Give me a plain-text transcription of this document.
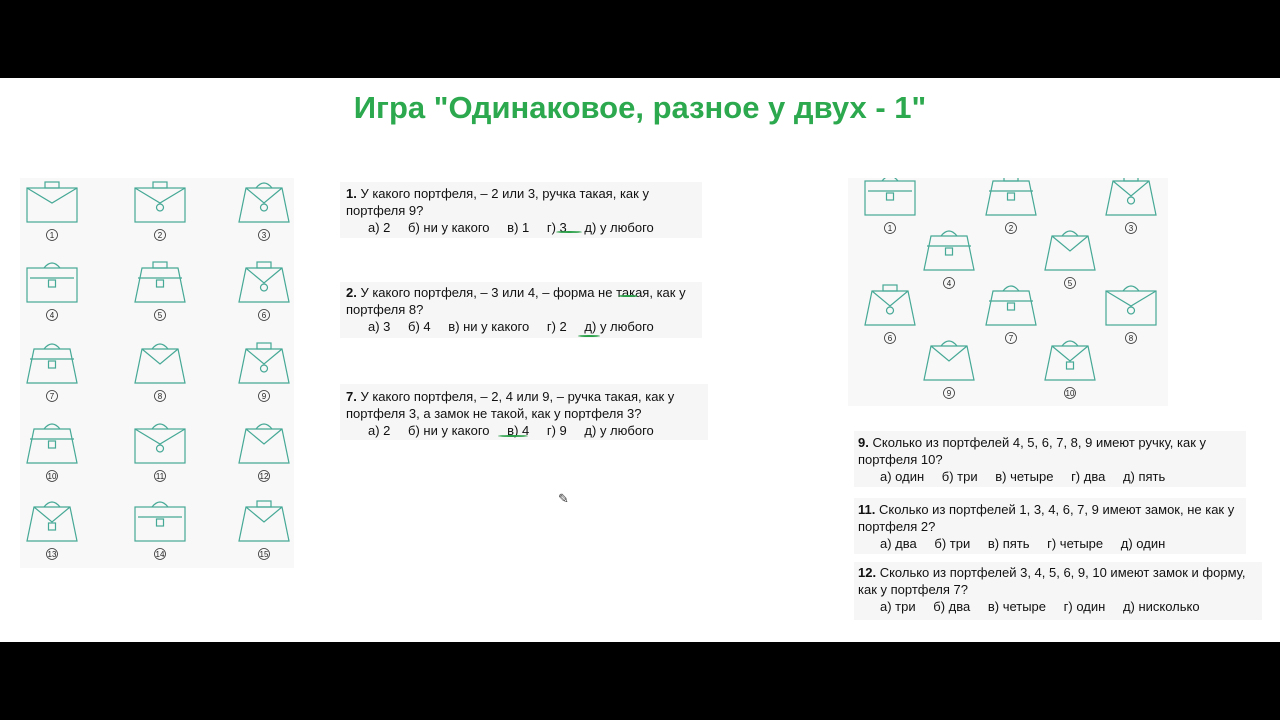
Игра "Одинаковое, разное у двух - 1"
1	2	3
4	5	6
7	8	9
10	11	12
13	14	15
1. У какого портфеля, – 2 или 3, ручка такая, как у портфеля 9?
а) 2 б) ни у какого в) 1 г) 3 д) у любого
2. У какого портфеля, – 3 или 4, – форма не такая, как у портфеля 8?
а) 3 б) 4 в) ни у какого г) 2 д) у любого
7. У какого портфеля, – 2, 4 или 9, – ручка такая, как у портфеля 3, а замок не такой, как у портфеля 3?
а) 2 б) ни у какого в) 4 г) 9 д) у любого
✎
1	2	3
4	5
6	7	8
9	10
9. Сколько из портфелей 4, 5, 6, 7, 8, 9 имеют ручку, как у портфеля 10?
а) один б) три в) четыре г) два д) пять
11. Сколько из портфелей 1, 3, 4, 6, 7, 9 имеют замок, не как у портфеля 2?
а) два б) три в) пять г) четыре д) один
12. Сколько из портфелей 3, 4, 5, 6, 9, 10 имеют замок и форму, как у портфеля 7?
а) три б) два в) четыре г) один д) нисколько
